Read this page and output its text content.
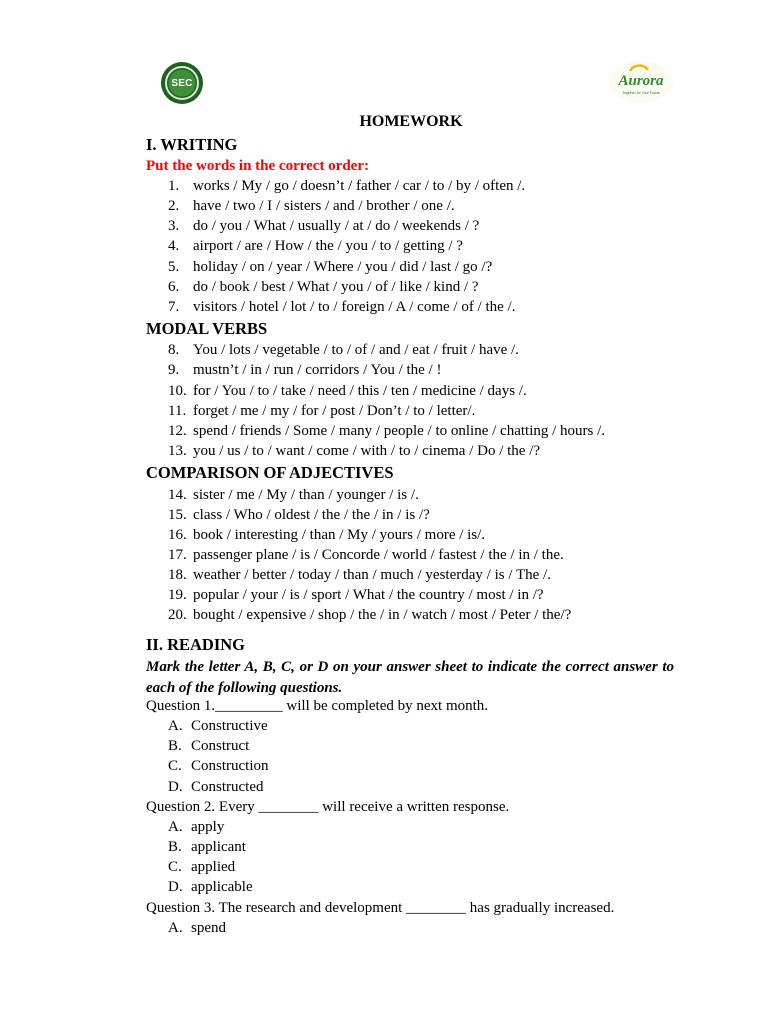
SEC	Aurora
Together for Your Future
HOMEWORK
I. WRITING
Put the words in the correct order:
1. works / My / go / doesn’t / father / car / to / by / often /.
2. have / two / I / sisters / and / brother / one /.
3. do / you / What / usually / at / do / weekends / ?
4. airport / are / How / the / you / to / getting / ?
5. holiday / on / year / Where / you / did / last / go /?
6. do / book / best / What / you / of / like / kind / ?
7. visitors / hotel / lot / to / foreign / A / come / of / the /.
MODAL VERBS
8. You / lots / vegetable / to / of / and / eat / fruit / have /.
9. mustn’t / in / run / corridors / You / the / !
10. for / You / to / take / need / this / ten / medicine / days /.
11. forget / me / my / for / post / Don’t / to / letter/.
12. spend / friends / Some / many / people / to online / chatting / hours /.
13. you / us / to / want / come / with / to / cinema / Do / the /?
COMPARISON OF ADJECTIVES
14. sister / me / My / than / younger / is /.
15. class / Who / oldest / the / the / in / is /?
16. book / interesting / than / My / yours / more / is/.
17. passenger plane / is / Concorde / world / fastest / the / in / the.
18. weather / better / today / than / much / yesterday / is / The /.
19. popular / your / is / sport / What / the country / most / in /?
20. bought / expensive / shop / the / in / watch / most / Peter / the/?
II. READING
Mark the letter A, B, C, or D on your answer sheet to indicate the correct answer to each of the following questions.
Question 1._________ will be completed by next month.
A. Constructive
B. Construct
C. Construction
D. Constructed
Question 2. Every ________ will receive a written response.
A. apply
B. applicant
C. applied
D. applicable
Question 3. The research and development ________ has gradually increased.
A. spend
